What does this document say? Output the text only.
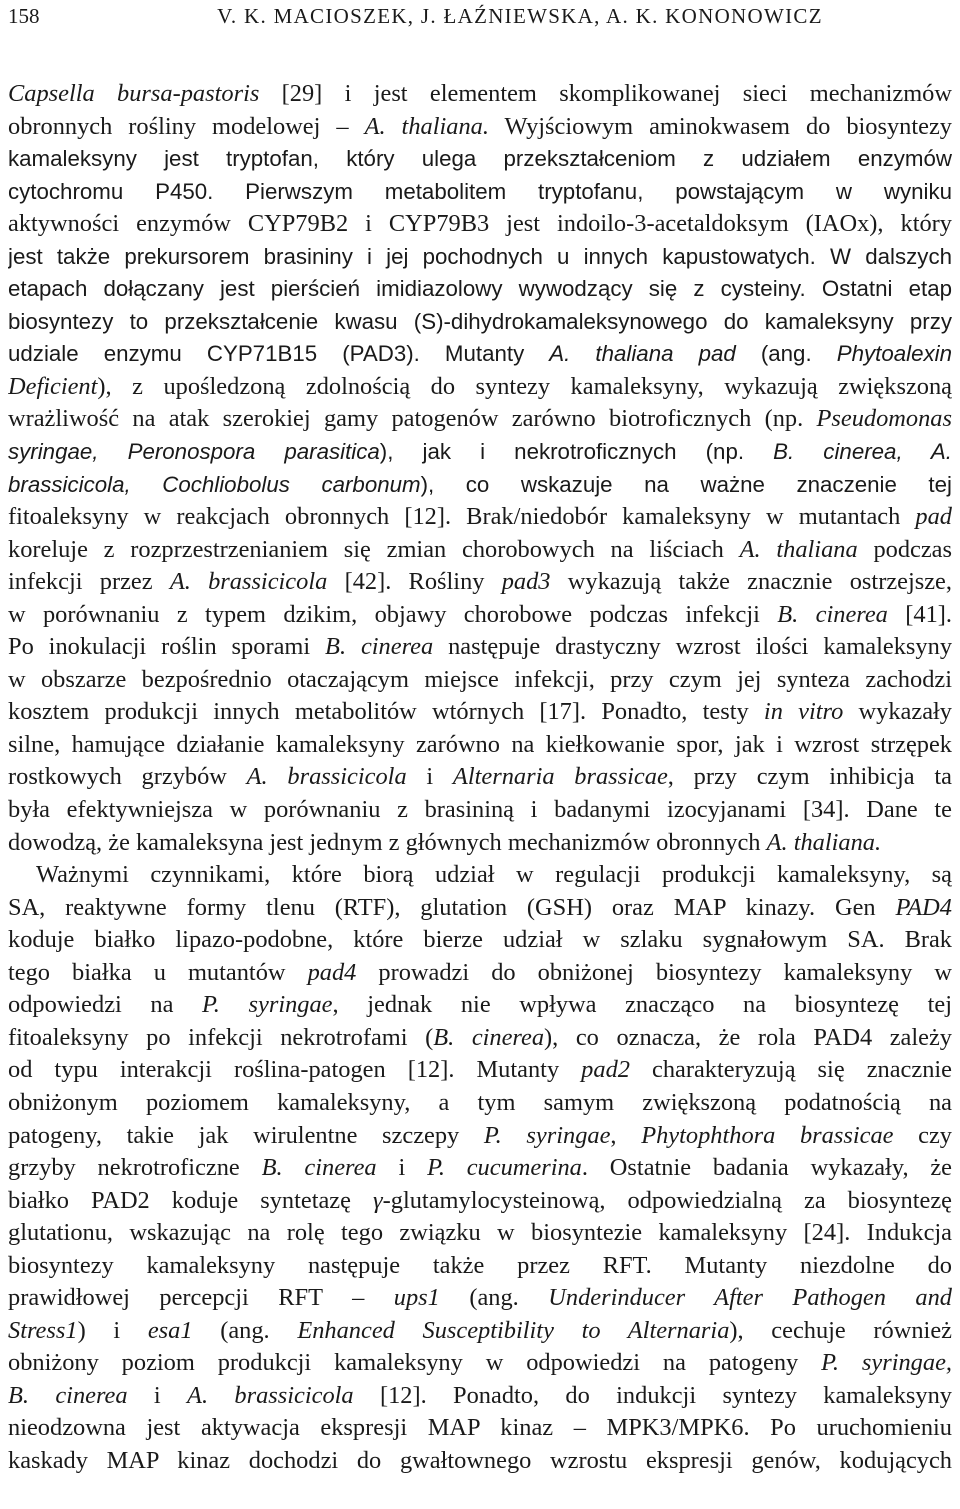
158	V. K. MACIOSZEK, J. ŁAŹNIEWSKA, A. K. KONONOWICZ
Capsella bursa-pastoris [29] i jest elementem skomplikowanej sieci mechanizmów
obronnych rośliny modelowej – A. thaliana. Wyjściowym aminokwasem do biosyntezy
kamaleksyny jest tryptofan, który ulega przekształceniom z udziałem enzymów
cytochromu P450. Pierwszym metabolitem tryptofanu, powstającym w wyniku
aktywności enzymów CYP79B2 i CYP79B3 jest indoilo-3-acetaldoksym (IAOx), który
jest także prekursorem brasininy i jej pochodnych u innych kapustowatych. W dalszych
etapach dołączany jest pierścień imidiazolowy wywodzący się z cysteiny. Ostatni etap
biosyntezy to przekształcenie kwasu (S)-dihydrokamaleksynowego do kamaleksyny przy
udziale enzymu CYP71B15 (PAD3). Mutanty A. thaliana pad (ang. Phytoalexin
Deficient), z upośledzoną zdolnością do syntezy kamaleksyny, wykazują zwiększoną
wrażliwość na atak szerokiej gamy patogenów zarówno biotroficznych (np. Pseudomonas
syringae, Peronospora parasitica), jak i nekrotroficznych (np. B. cinerea, A.
brassicicola, Cochliobolus carbonum), co wskazuje na ważne znaczenie tej
fitoaleksyny w reakcjach obronnych [12]. Brak/niedobór kamaleksyny w mutantach pad
koreluje z rozprzestrzenianiem się zmian chorobowych na liściach A. thaliana podczas
infekcji przez A. brassicicola [42]. Rośliny pad3 wykazują także znacznie ostrzejsze,
w porównaniu z typem dzikim, objawy chorobowe podczas infekcji B. cinerea [41].
Po inokulacji roślin sporami B. cinerea następuje drastyczny wzrost ilości kamaleksyny
w obszarze bezpośrednio otaczającym miejsce infekcji, przy czym jej synteza zachodzi
kosztem produkcji innych metabolitów wtórnych [17]. Ponadto, testy in vitro wykazały
silne, hamujące działanie kamaleksyny zarówno na kiełkowanie spor, jak i wzrost strzępek
rostkowych grzybów A. brassicicola i Alternaria brassicae, przy czym inhibicja ta
była efektywniejsza w porównaniu z brasininą i badanymi izocyjanami [34]. Dane te
dowodzą, że kamaleksyna jest jednym z głównych mechanizmów obronnych A. thaliana.
Ważnymi czynnikami, które biorą udział w regulacji produkcji kamaleksyny, są
SA, reaktywne formy tlenu (RTF), glutation (GSH) oraz MAP kinazy. Gen PAD4
koduje białko lipazo-podobne, które bierze udział w szlaku sygnałowym SA. Brak
tego białka u mutantów pad4 prowadzi do obniżonej biosyntezy kamaleksyny w
odpowiedzi na P. syringae, jednak nie wpływa znacząco na biosyntezę tej
fitoaleksyny po infekcji nekrotrofami (B. cinerea), co oznacza, że rola PAD4 zależy
od typu interakcji roślina-patogen [12]. Mutanty pad2 charakteryzują się znacznie
obniżonym poziomem kamaleksyny, a tym samym zwiększoną podatnością na
patogeny, takie jak wirulentne szczepy P. syringae, Phytophthora brassicae czy
grzyby nekrotroficzne B. cinerea i P. cucumerina. Ostatnie badania wykazały, że
białko PAD2 koduje syntetazę γ-glutamylocysteinową, odpowiedzialną za biosyntezę
glutationu, wskazując na rolę tego związku w biosyntezie kamaleksyny [24]. Indukcja
biosyntezy kamaleksyny następuje także przez RFT. Mutanty niezdolne do
prawidłowej percepcji RFT – ups1 (ang. Underinducer After Pathogen and
Stress1) i esa1 (ang. Enhanced Susceptibility to Alternaria), cechuje również
obniżony poziom produkcji kamaleksyny w odpowiedzi na patogeny P. syringae,
B. cinerea i A. brassicicola [12]. Ponadto, do indukcji syntezy kamaleksyny
nieodzowna jest aktywacja ekspresji MAP kinaz – MPK3/MPK6. Po uruchomieniu
kaskady MAP kinaz dochodzi do gwałtownego wzrostu ekspresji genów, kodujących
